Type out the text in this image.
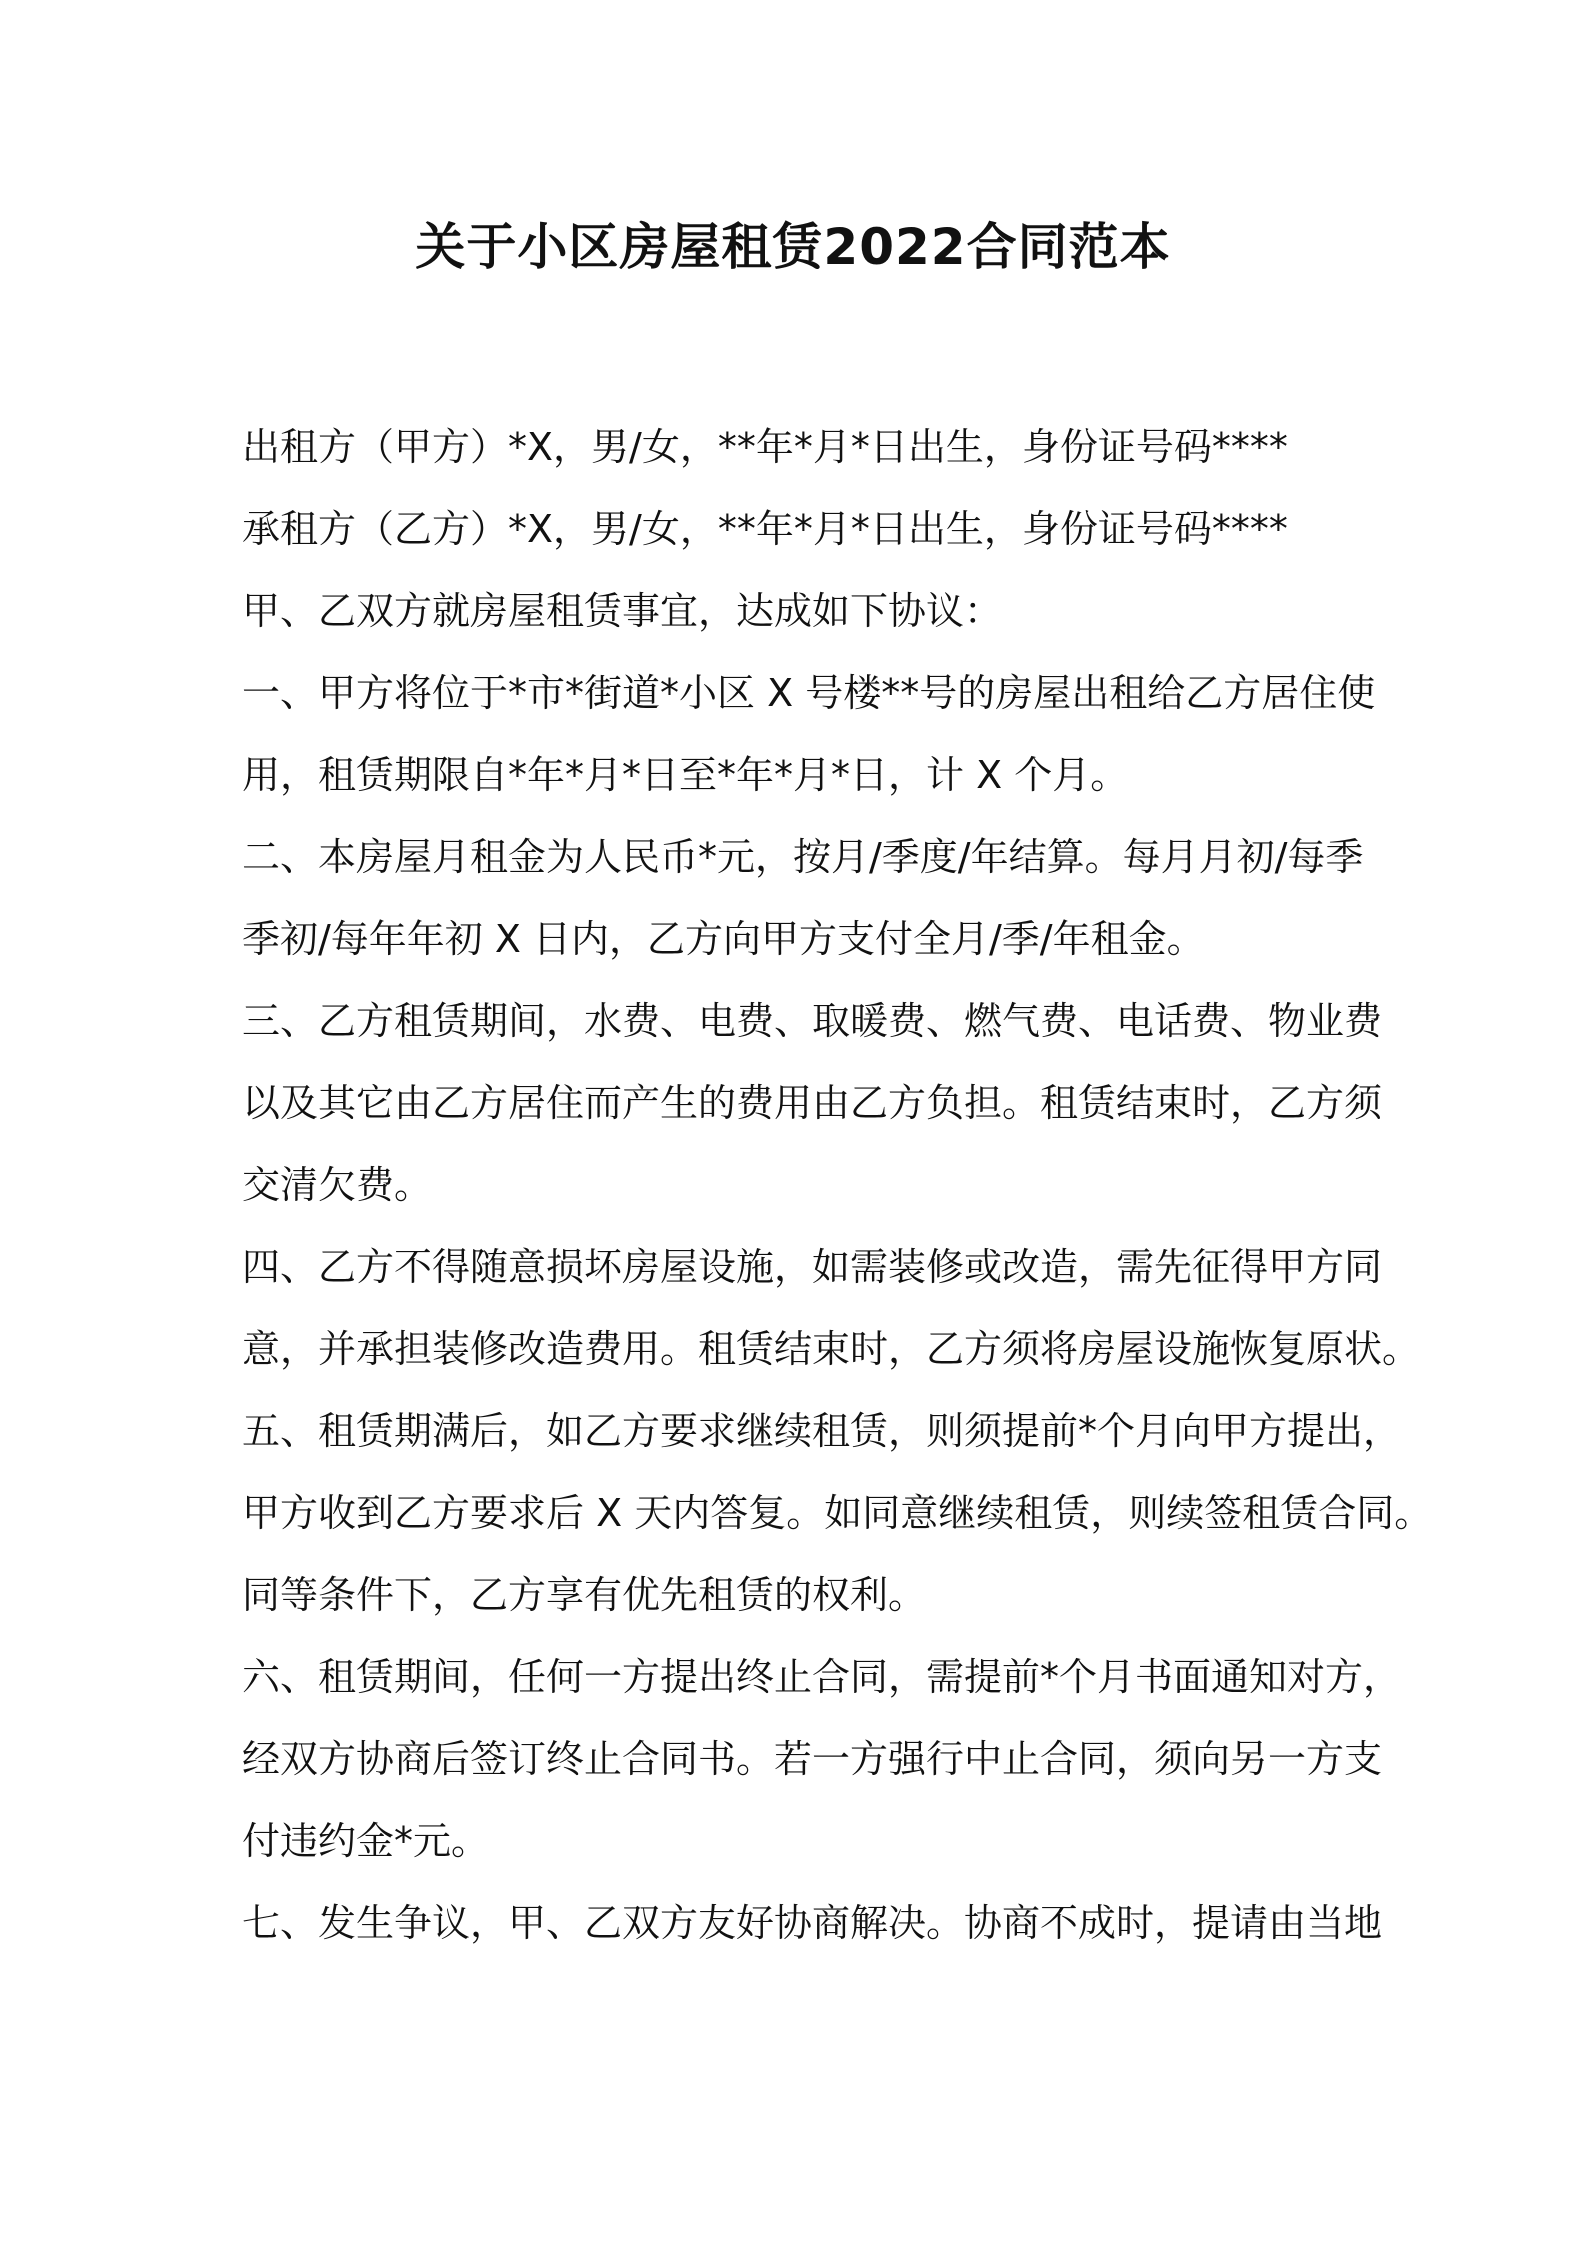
关于小区房屋租赁2022合同范本
出租方（甲方）*X，男/女，**年*月*日出生，身份证号码****
承租方（乙方）*X，男/女，**年*月*日出生，身份证号码****
甲、乙双方就房屋租赁事宜，达成如下协议：
一、甲方将位于*市*街道*小区 X 号楼**号的房屋出租给乙方居住使
用，租赁期限自*年*月*日至*年*月*日，计 X 个月。
二、本房屋月租金为人民币*元，按月/季度/年结算。每月月初/每季
季初/每年年初 X 日内，乙方向甲方支付全月/季/年租金。
三、乙方租赁期间，水费、电费、取暖费、燃气费、电话费、物业费
以及其它由乙方居住而产生的费用由乙方负担。租赁结束时，乙方须
交清欠费。
四、乙方不得随意损坏房屋设施，如需装修或改造，需先征得甲方同
意，并承担装修改造费用。租赁结束时，乙方须将房屋设施恢复原状。
五、租赁期满后，如乙方要求继续租赁，则须提前*个月向甲方提出，
甲方收到乙方要求后 X 天内答复。如同意继续租赁，则续签租赁合同。
同等条件下，乙方享有优先租赁的权利。
六、租赁期间，任何一方提出终止合同，需提前*个月书面通知对方，
经双方协商后签订终止合同书。若一方强行中止合同，须向另一方支
付违约金*元。
七、发生争议，甲、乙双方友好协商解决。协商不成时，提请由当地
